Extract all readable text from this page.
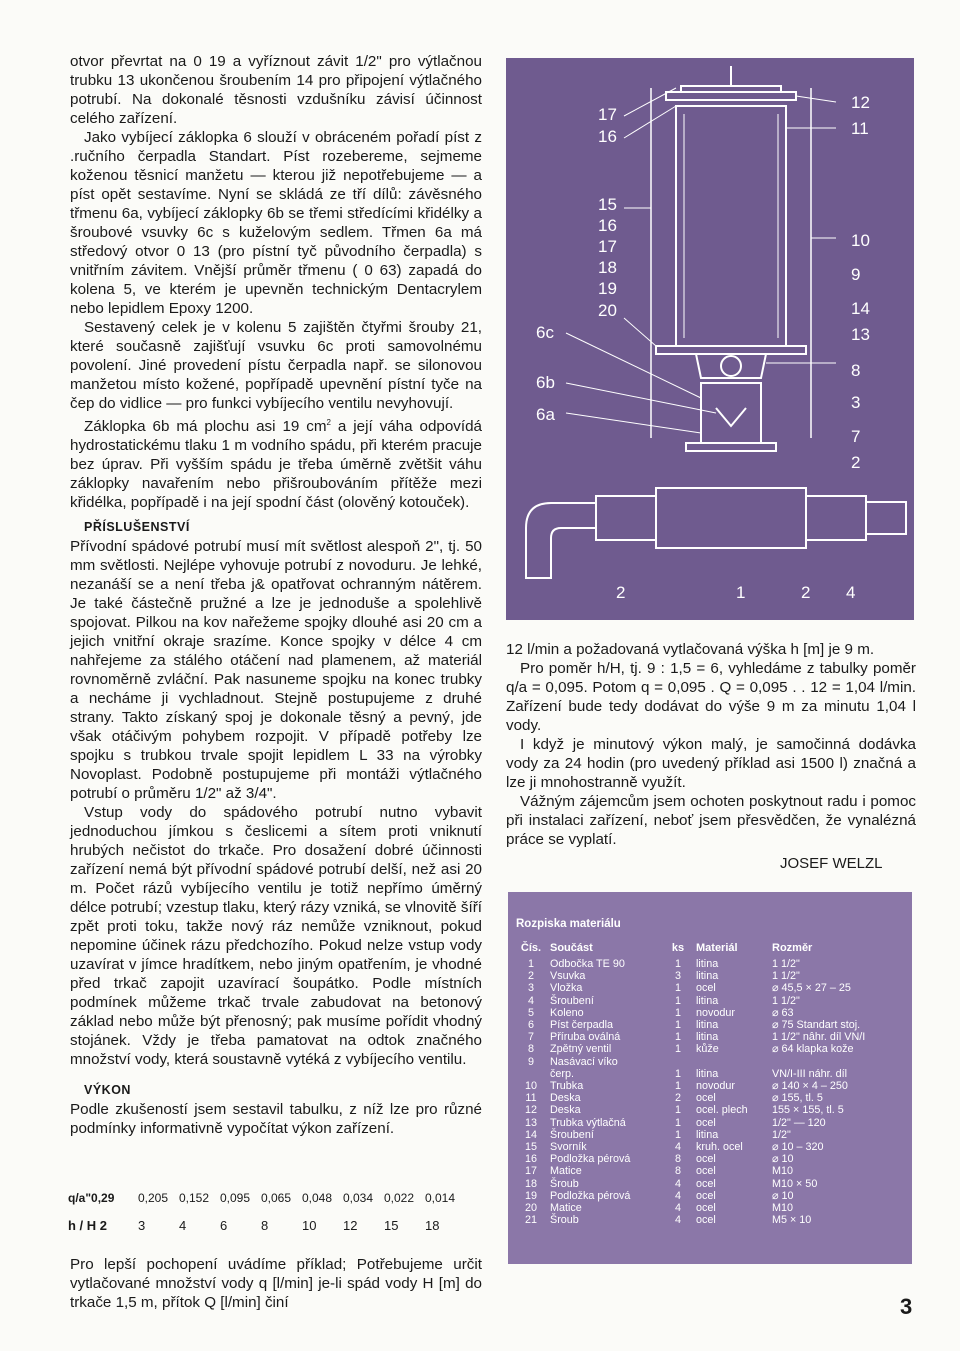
otvor převrtat na 0 19 a vyříznout závit 1/2" pro výtlačnou trubku 13 ukončenou šroubením 14 pro připojení výtlačného potrubí. Na dokonalé těsnosti vzdušníku závisí účinnost celého zařízení.

Jako vybíjecí záklopka 6 slouží v obráceném pořadí píst z .ručního čerpadla Standart. Píst rozebereme, sejmeme koženou těsnicí manžetu — kterou již nepotřebujeme — a píst opět sestavíme. Nyní se skládá ze tří dílů: závěsného třmenu 6a, vybíjecí záklopky 6b se třemi středícími křidélky a šroubové vsuvky 6c s kuželovým sedlem. Třmen 6a má středový otvor 0 13 (pro pístní tyč původního čerpadla) s vnitřním závitem. Vnější průměr třmenu ( 0 63) zapadá do kolena 5, ve kterém je upevněn technickým Dentacrylem nebo lepidlem Epoxy 1200.

Sestavený celek je v kolenu 5 zajištěn čtyřmi šrouby 21, které současně zajišťují vsuvku 6c proti samovolnému povolení. Jiné provedení pístu čerpadla např. se silonovou manžetou místo kožené, popřípadě upevnění pístní tyče na čep do vidlice — pro funkci vybíjecího ventilu nevyhovují.

Záklopka 6b má plochu asi 19 $cm^2$ a její váha odpovídá hydrostatickému tlaku 1 m vodního spádu, při kterém pracuje bez úprav. Při vyšším spádu je třeba úměrně zvětšit váhu záklopky navařením nebo přišroubováním přítěže mezi křidélka, popřípadě i na její spodní část (olověný kotouček).

PŘÍSLUŠENSTVÍ

Přívodní spádové potrubí musí mít světlost alespoň 2", tj. 50 mm světlosti. Nejlépe vyhovuje potrubí z novoduru. Je lehké, nezanáší se a není třeba j& opatřovat ochranným nátěrem. Je také částečně pružné a lze je jednoduše a spolehlivě spojovat. Pilkou na kov nařežeme spojky dlouhé asi 20 cm a jejich vnitřní okraje srazíme. Konce spojky v délce 4 cm nahřejeme za stálého otáčení nad plamenem, až materiál rovnoměrně zvláční. Pak nasuneme spojku na konec trubky a necháme ji vychladnout. Stejně postupujeme z druhé strany. Takto získaný spoj je dokonale těsný a pevný, jde však otáčivým pohybem rozpojit. V případě potřeby lze spojku s trubkou trvale spojit lepidlem L 33 na výrobky Novoplast. Podobně postupujeme při montáži výtlačného potrubí o průměru 1/2" až 3/4".

Vstup vody do spádového potrubí nutno vybavit jednoduchou jímkou s česlicemi a sítem proti vniknutí hrubých nečistot do trkače. Pro dosažení dobré účinnosti zařízení nemá být přívodní spádové potrubí delší, než asi 20 m. Počet rázů vybíjecího ventilu je totiž nepřímo úměrný délce potrubí; vzestup tlaku, který rázy vzniká, se vlnovitě šíří zpět proti toku, takže nový ráz nemůže vzniknout, pokud nepomine účinek rázu předchozího. Pokud nelze vstup vody uzavírat v jímce hradítkem, nebo jiným opatřením, je vhodné před trkač zapojit uzavírací šoupátko. Podle místních podmínek můžeme trkač trvale zabudovat na betonový základ nebo může být přenosný; pak musíme pořídit vhodný stojánek. Vždy je třeba pamatovat na odtok značného množství vody, která soustavně vytéká z vybíjecího ventilu.

VÝKON

Podle zkušeností jsem sestavil tabulku, z níž lze pro různé podmínky informativně vypočítat výkon zařízení.

q/a"0,29 0,205 0,152 0,095 0,065 0,048 0,034 0,022 0,014
h / H 2 3	4	6	8	10 12 15 18

Pro lepší pochopení uvádíme příklad; Potřebujeme určit vytlačované množství vody q [l/min] je-li spád vody H [m] do trkače 1,5 m, přítok Q [l/min] činí

17
16
15
16
17
18
19
20
6c
6b
6a
12
11
10
9
14
13
8
3
7
2
2	1	2 4

12 l/min a požadovaná vytlačovaná výška h [m] je 9 m.

Pro poměr h/H, tj. 9 : 1,5 = 6, vyhledáme z tabulky poměr q/a = 0,095. Potom q = 0,095 . Q = 0,095 . . 12 = 1,04 l/min. Zařízení bude tedy dodávat do výše 9 m za minutu 1,04 l vody.

I když je minutový výkon malý, je samočinná dodávka vody za 24 hodin (pro uvedený příklad asi 1500 l) značná a lze ji mnohostranně využít.

Vážným zájemcům jsem ochoten poskytnout radu i pomoc při instalaci zařízení, neboť jsem přesvědčen, že vynalézná práce se vyplatí.

JOSEF WELZL
Rozpiska materiálu
Čís.	Součást	ks	Materiál	Rozměr
1	Odbočka TE 90	1	litina	1 1/2"
2	Vsuvka	3	litina	1 1/2"
3	Vložka	1	ocel	⌀ 45,5 × 27 – 25
4	Šroubení	1	litina	1 1/2"
5	Koleno	1	novodur	⌀ 63
6	Píst čerpadla	1	litina	⌀ 75 Standart stoj.
7	Příruba oválná	1	litina	1 1/2" nâhr. díl VN/I
8	Zpětný ventil	1	kůže	⌀ 64 klapka kože
9	Nasávací víko			
	čerp.	1	litina	VN/I-III náhr. díl
10	Trubka	1	novodur	⌀ 140 × 4 – 250
11	Deska	2	ocel	⌀ 155, tl. 5
12	Deska	1	ocel. plech	155 × 155, tl. 5
13	Trubka výtlačná	1	ocel	1/2" — 120
14	Šroubení	1	litina	1/2"
15	Svorník	4	kruh. ocel	⌀ 10 – 320
16	Podložka pérová	8	ocel	⌀ 10
17	Matice	8	ocel	M10
18	Šroub	4	ocel	M10 × 50
19	Podložka pérová	4	ocel	⌀ 10
20	Matice	4	ocel	M10
21	Šroub	4	ocel	M5 × 10
3
